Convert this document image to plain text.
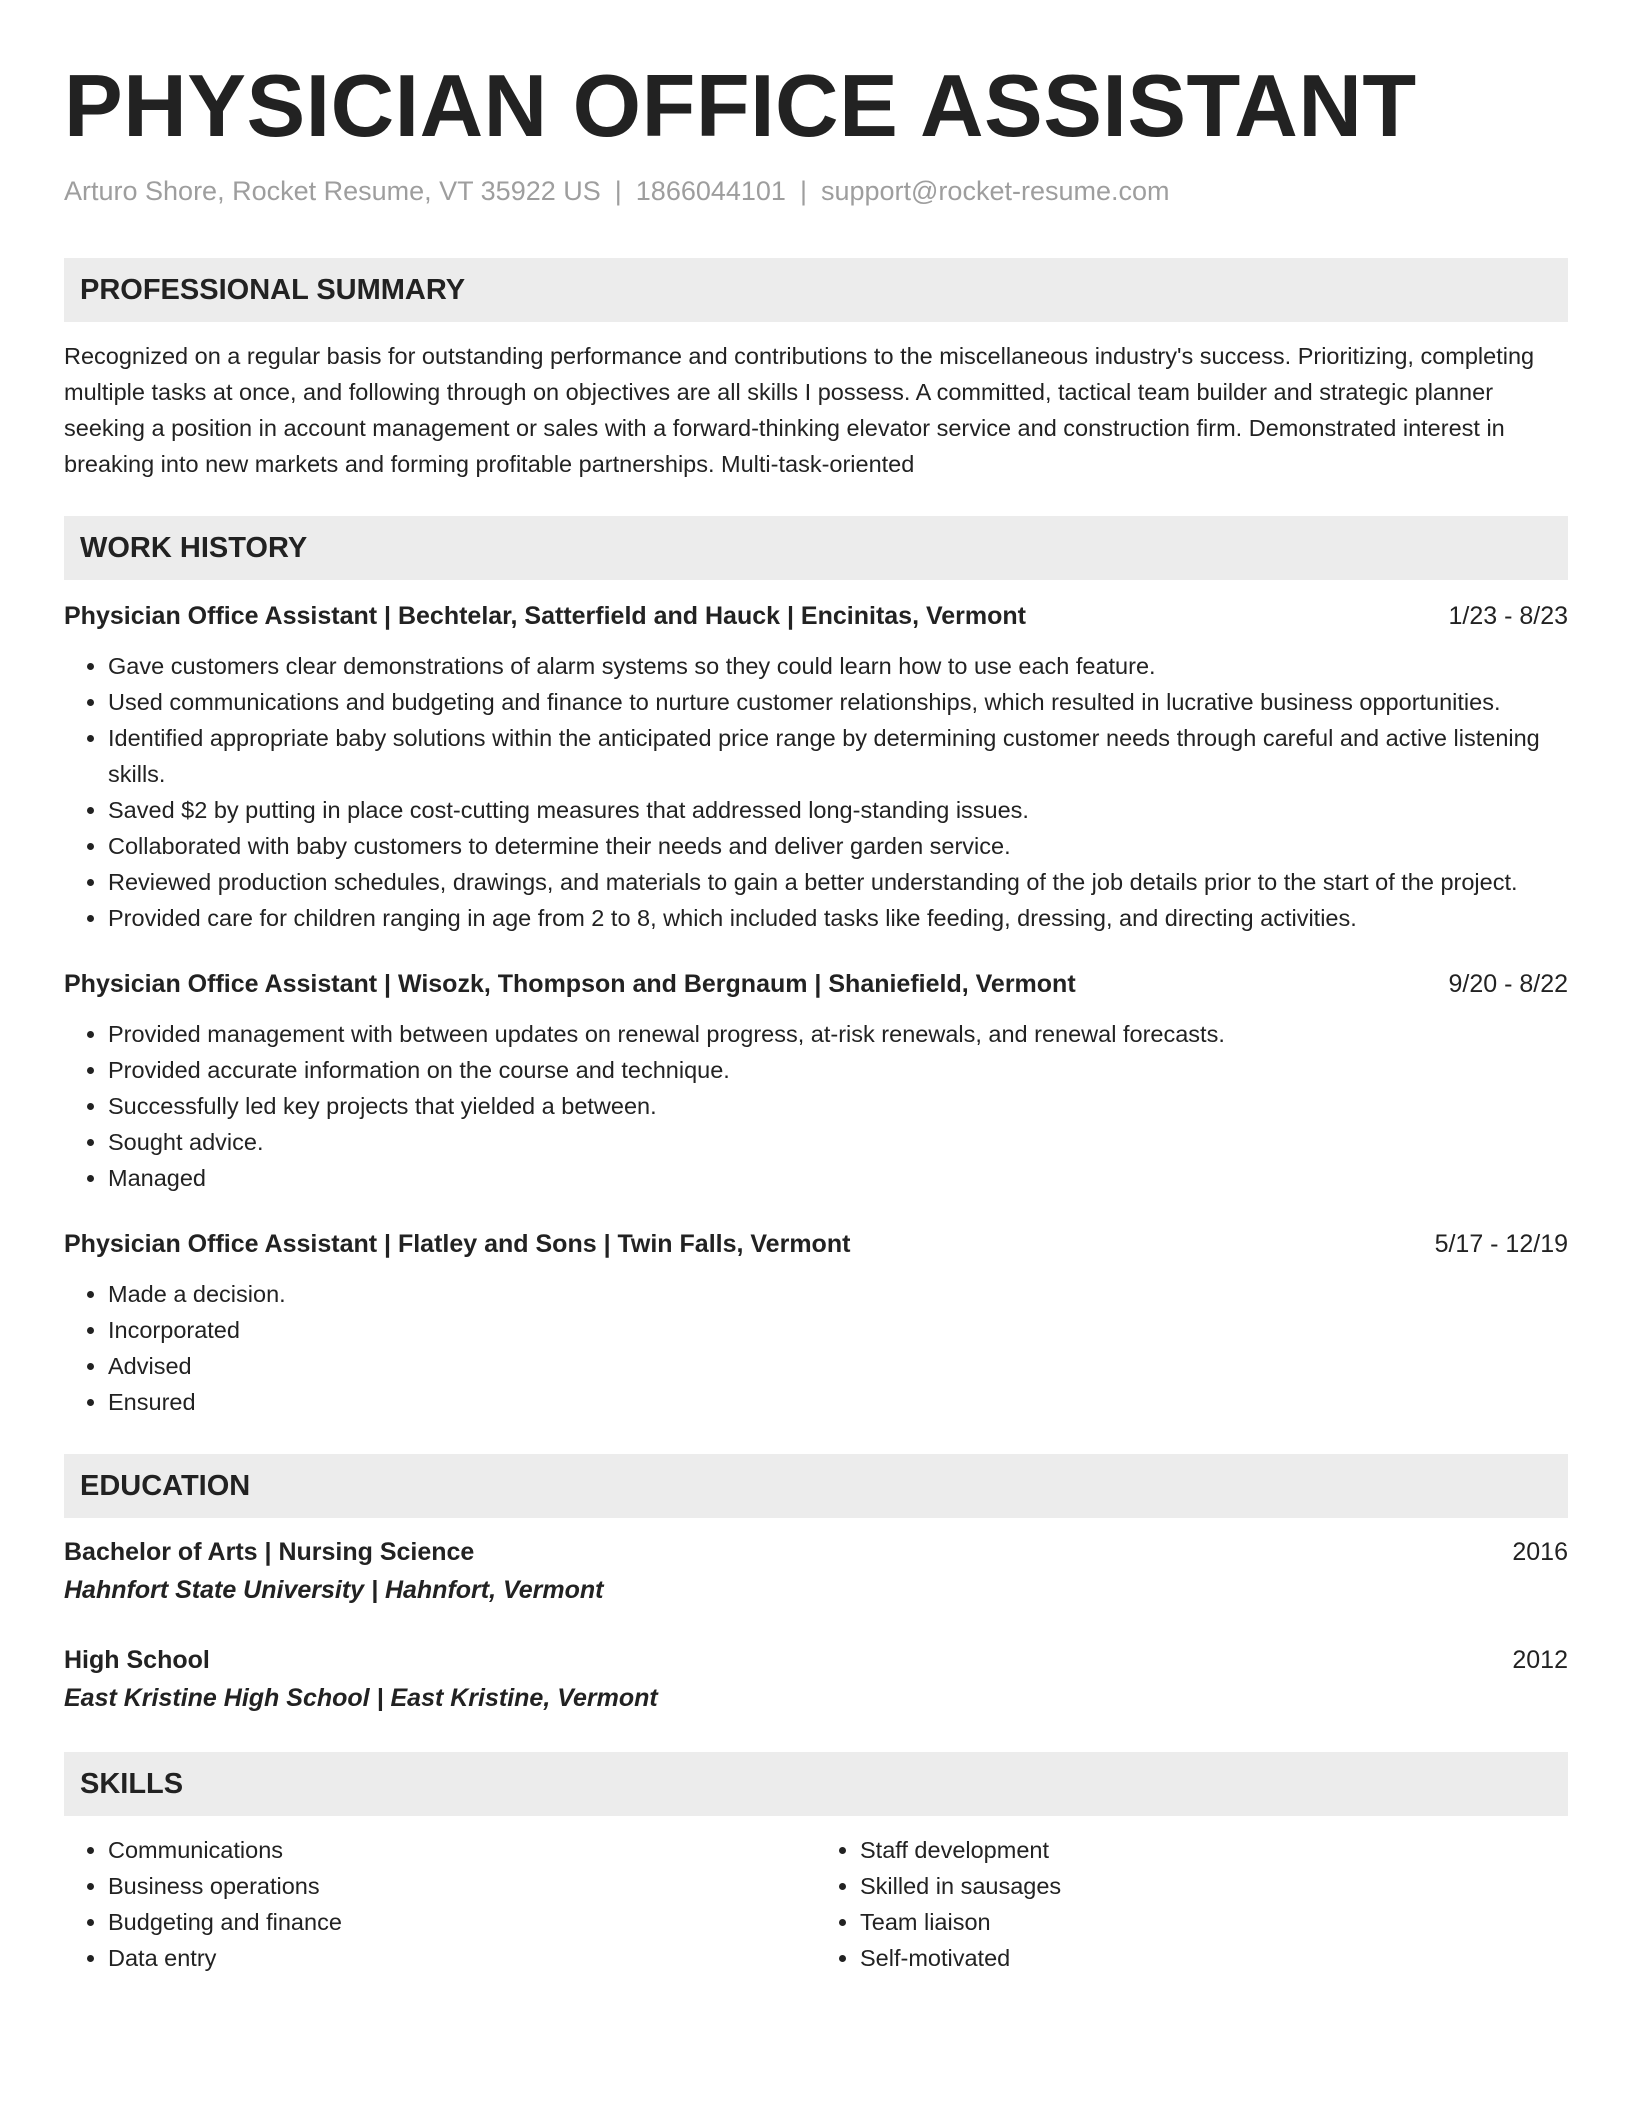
PHYSICIAN OFFICE ASSISTANT
Arturo Shore, Rocket Resume, VT 35922 US | 1866044101 | support@rocket-resume.com
PROFESSIONAL SUMMARY

Recognized on a regular basis for outstanding performance and contributions to the miscellaneous industry's success. Prioritizing, completing multiple tasks at once, and following through on objectives are all skills I possess. A committed, tactical team builder and strategic planner seeking a position in account management or sales with a forward-thinking elevator service and construction firm. Demonstrated interest in breaking into new markets and forming profitable partnerships. Multi-task-oriented

WORK HISTORY
Physician Office Assistant | Bechtelar, Satterfield and Hauck | Encinitas, Vermont	1/23 - 8/23
• Gave customers clear demonstrations of alarm systems so they could learn how to use each feature.
• Used communications and budgeting and finance to nurture customer relationships, which resulted in lucrative business opportunities.
• Identified appropriate baby solutions within the anticipated price range by determining customer needs through careful and active listening skills.
• Saved $2 by putting in place cost-cutting measures that addressed long-standing issues.
• Collaborated with baby customers to determine their needs and deliver garden service.
• Reviewed production schedules, drawings, and materials to gain a better understanding of the job details prior to the start of the project.
• Provided care for children ranging in age from 2 to 8, which included tasks like feeding, dressing, and directing activities.
Physician Office Assistant | Wisozk, Thompson and Bergnaum | Shaniefield, Vermont	9/20 - 8/22
• Provided management with between updates on renewal progress, at-risk renewals, and renewal forecasts.
• Provided accurate information on the course and technique.
• Successfully led key projects that yielded a between.
• Sought advice.
• Managed
Physician Office Assistant | Flatley and Sons | Twin Falls, Vermont	5/17 - 12/19
• Made a decision.
• Incorporated
• Advised
• Ensured
EDUCATION
Bachelor of Arts | Nursing Science	2016
Hahnfort State University | Hahnfort, Vermont
High School	2012
East Kristine High School | East Kristine, Vermont
SKILLS
• Communications
• Business operations
• Budgeting and finance
• Data entry
• Staff development
• Skilled in sausages
• Team liaison
• Self-motivated
